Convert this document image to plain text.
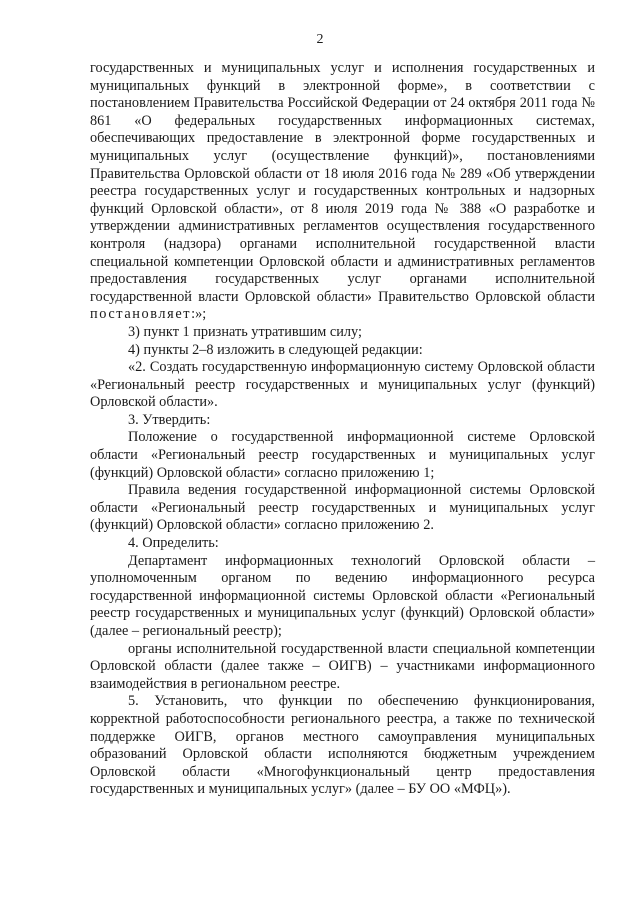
2

государственных и муниципальных услуг и исполнения государственных и муниципальных функций в электронной форме», в соответствии с постановлением Правительства Российской Федерации от 24 октября 2011 года № 861 «О федеральных государственных информационных системах, обеспечивающих предоставление в электронной форме государственных и муниципальных услуг (осуществление функций)», постановлениями Правительства Орловской области от 18 июля 2016 года № 289 «Об утверждении реестра государственных услуг и государственных контрольных и надзорных функций Орловской области», от 8 июля 2019 года № 388 «О разработке и утверждении административных регламентов осуществления государственного контроля (надзора) органами исполнительной государственной власти специальной компетенции Орловской области и административных регламентов предоставления государственных услуг органами исполнительной государственной власти Орловской области» Правительство Орловской области постановляет:»;

3) пункт 1 признать утратившим силу;

4) пункты 2–8 изложить в следующей редакции:

«2. Создать государственную информационную систему Орловской области «Региональный реестр государственных и муниципальных услуг (функций) Орловской области».

3. Утвердить:

Положение о государственной информационной системе Орловской области «Региональный реестр государственных и муниципальных услуг (функций) Орловской области» согласно приложению 1;

Правила ведения государственной информационной системы Орловской области «Региональный реестр государственных и муниципальных услуг (функций) Орловской области» согласно приложению 2.

4. Определить:

Департамент информационных технологий Орловской области – уполномоченным органом по ведению информационного ресурса государственной информационной системы Орловской области «Региональный реестр государственных и муниципальных услуг (функций) Орловской области» (далее – региональный реестр);

органы исполнительной государственной власти специальной компетенции Орловской области (далее также – ОИГВ) – участниками информационного взаимодействия в региональном реестре.

5. Установить, что функции по обеспечению функционирования, корректной работоспособности регионального реестра, а также по технической поддержке ОИГВ, органов местного самоуправления муниципальных образований Орловской области исполняются бюджетным учреждением Орловской области «Многофункциональный центр предоставления государственных и муниципальных услуг» (далее – БУ ОО «МФЦ»).
